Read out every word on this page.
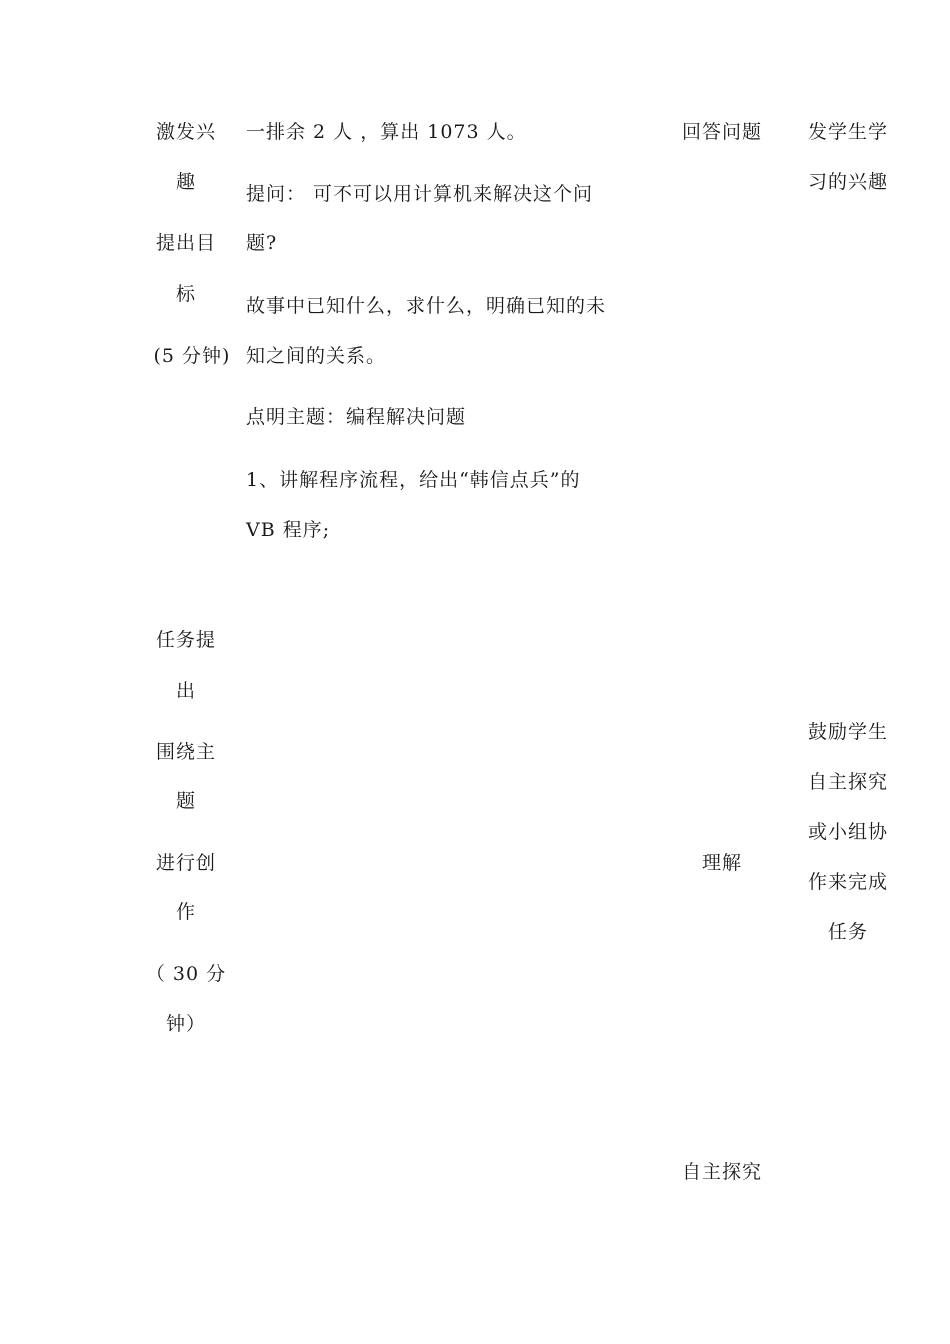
激发兴
趣
提出目
标
(5 分钟)
任务提
出
围绕主
题
进行创
作
（ 30 分
钟）
一排余 2 人 ，算出 1073 人。
提问： 可不可以用计算机来解决这个问
题?
故事中已知什么，求什么，明确已知的未
知之间的关系。
点明主题：编程解决问题
1、讲解程序流程，给出“韩信点兵”的
VB 程序;
回答问题
理解
自主探究
发学生学
习的兴趣
鼓励学生
自主探究
或小组协
作来完成
任务
